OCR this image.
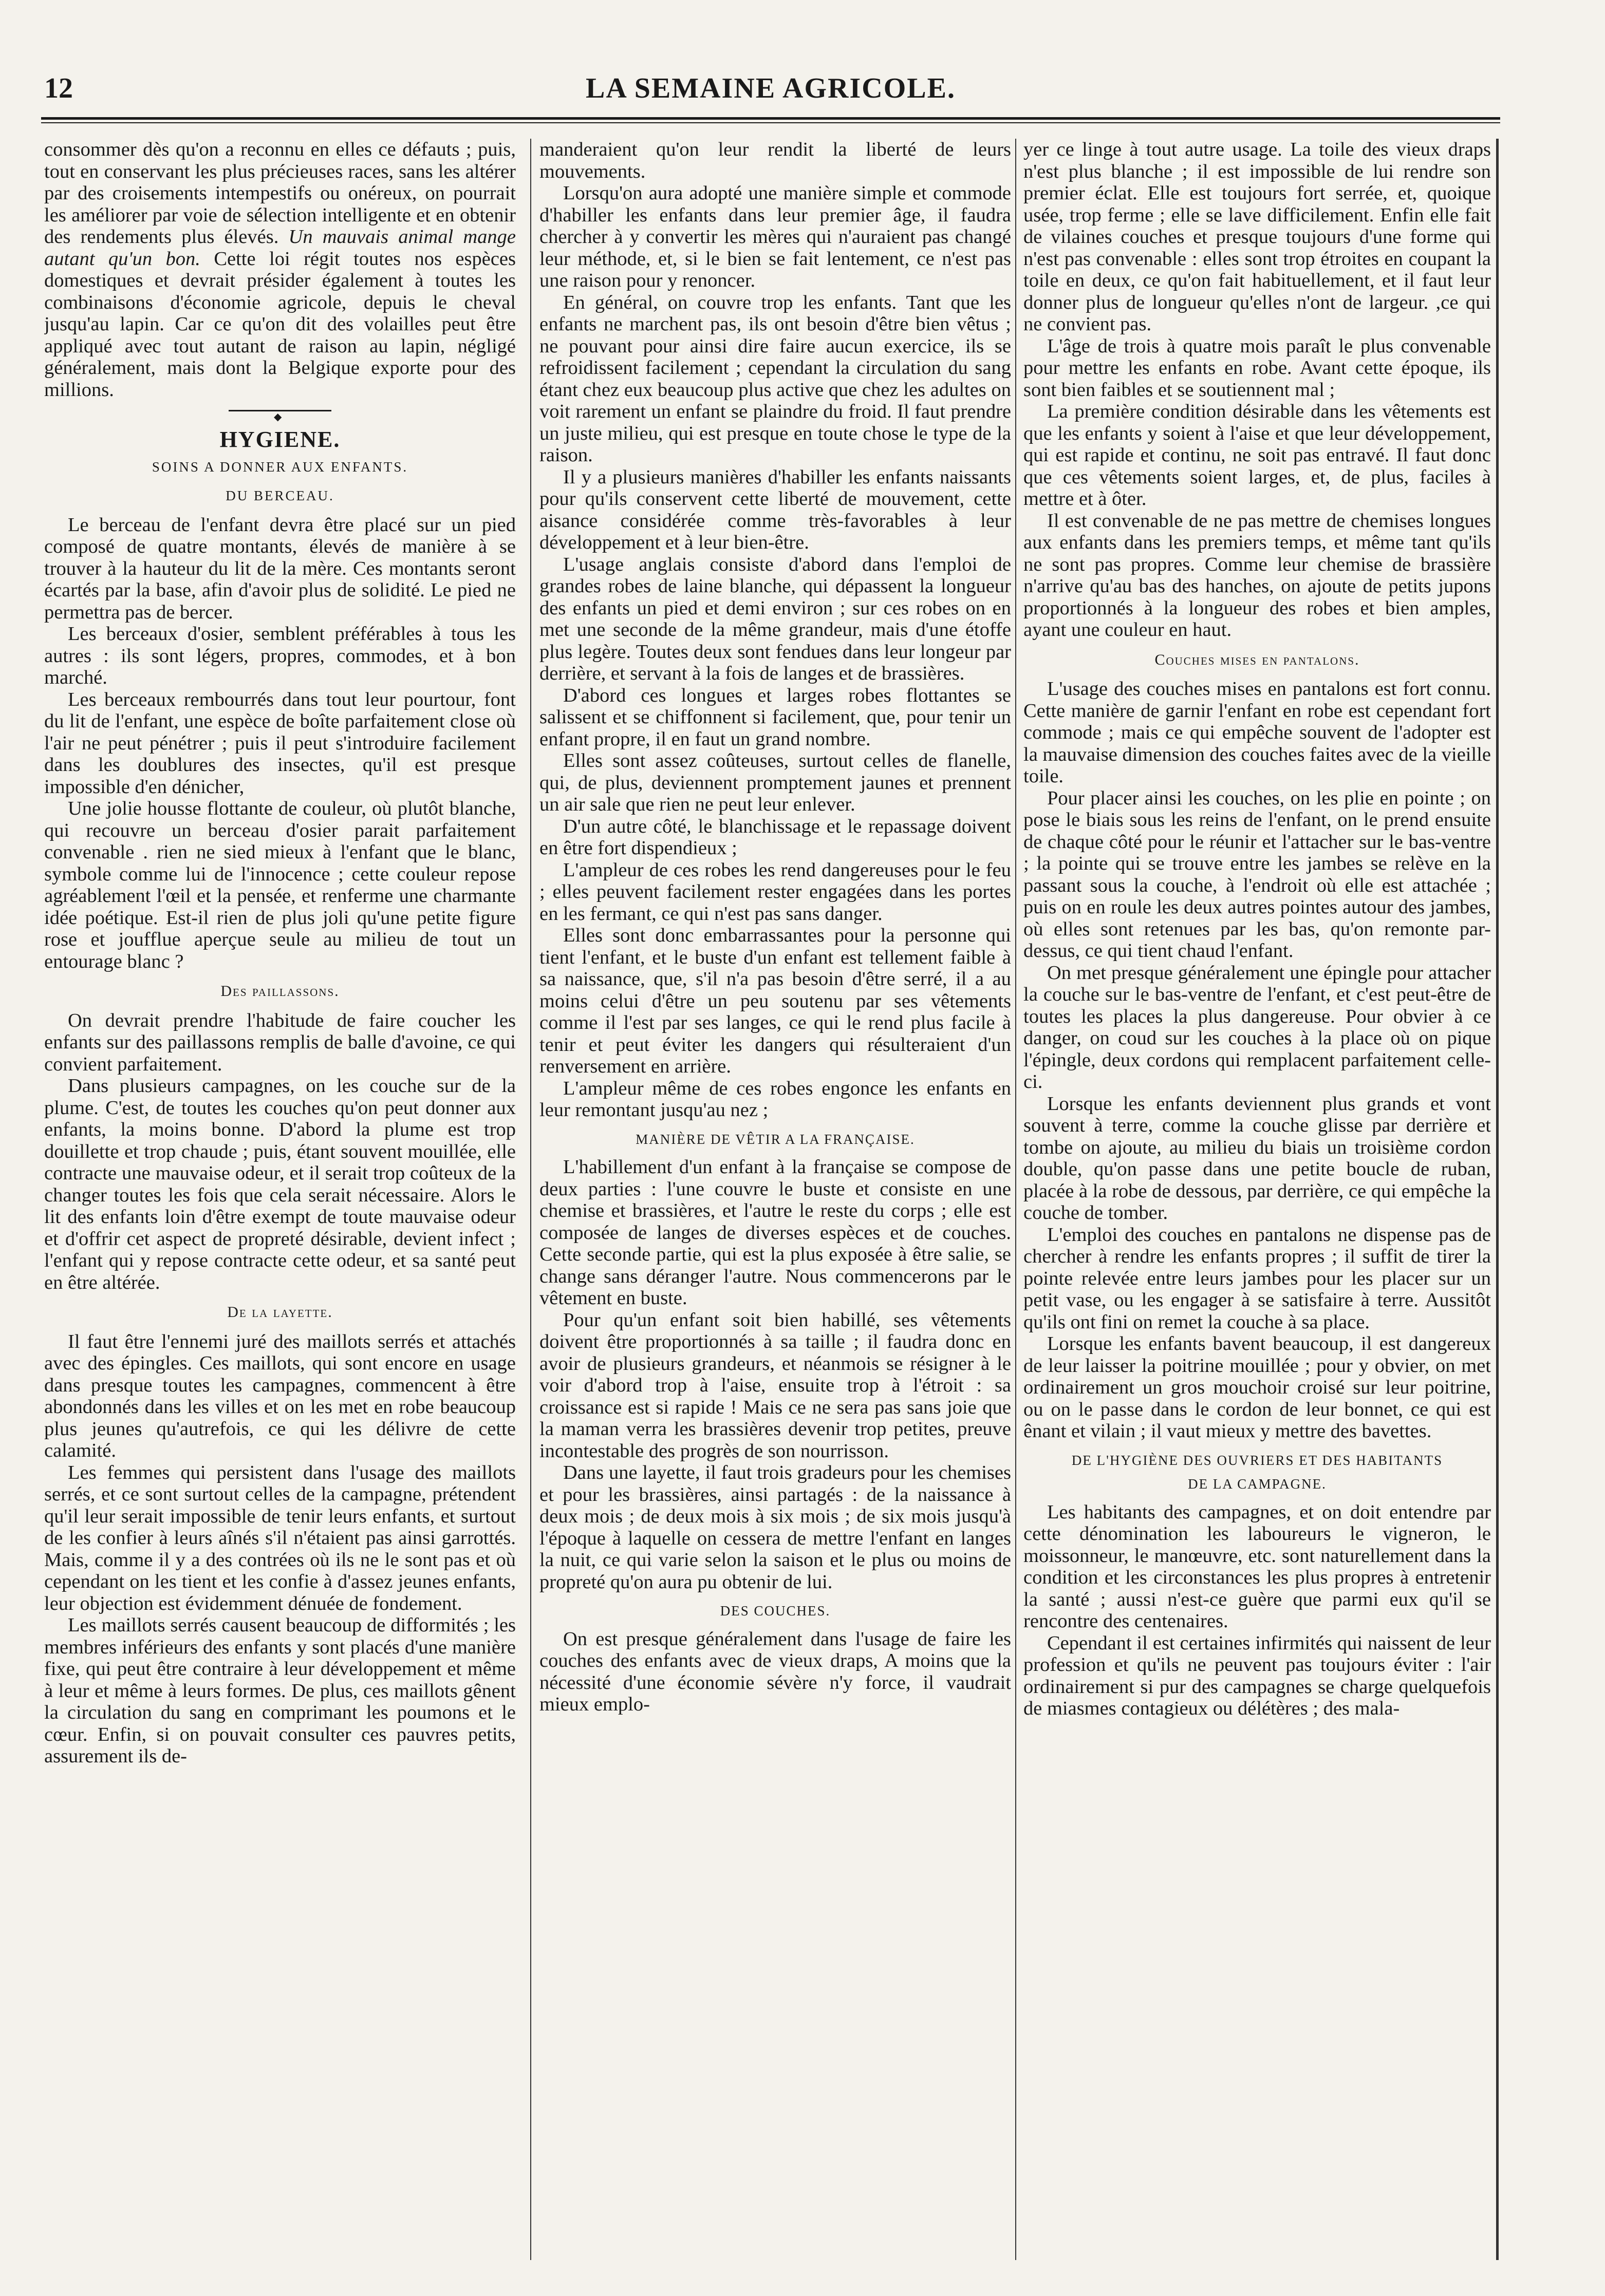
12	LA SEMAINE AGRICOLE.

consommer dès qu'on a reconnu en elles ce défauts ; puis, tout en conservant les plus précieuses races, sans les altérer par des croisements intempestifs ou onéreux, on pourrait les améliorer par voie de sélection intelligente et en obtenir des rendements plus élevés. Un mauvais animal mange autant qu'un bon. Cette loi régit toutes nos espèces domestiques et devrait présider également à toutes les combinaisons d'économie agricole, depuis le cheval jusqu'au lapin. Car ce qu'on dit des volailles peut être appliqué avec tout autant de raison au lapin, négligé généralement, mais dont la Belgique exporte pour des millions.

◆
HYGIENE.
SOINS A DONNER AUX ENFANTS.
DU BERCEAU.

Le berceau de l'enfant devra être placé sur un pied composé de quatre montants, élevés de manière à se trouver à la hauteur du lit de la mère. Ces montants seront écartés par la base, afin d'avoir plus de solidité. Le pied ne permettra pas de bercer.

Les berceaux d'osier, semblent préférables à tous les autres : ils sont légers, propres, commodes, et à bon marché.

Les berceaux rembourrés dans tout leur pourtour, font du lit de l'enfant, une espèce de boîte parfaitement close où l'air ne peut pénétrer ; puis il peut s'introduire facilement dans les doublures des insectes, qu'il est presque impossible d'en dénicher,

Une jolie housse flottante de couleur, où plutôt blanche, qui recouvre un berceau d'osier parait parfaitement convenable . rien ne sied mieux à l'enfant que le blanc, symbole comme lui de l'innocence ; cette couleur repose agréablement l'œil et la pensée, et renferme une charmante idée poétique. Est-il rien de plus joli qu'une petite figure rose et joufflue aperçue seule au milieu de tout un entourage blanc ?

Des paillassons.

On devrait prendre l'habitude de faire coucher les enfants sur des paillassons remplis de balle d'avoine, ce qui convient parfaitement.

Dans plusieurs campagnes, on les couche sur de la plume. C'est, de toutes les couches qu'on peut donner aux enfants, la moins bonne. D'abord la plume est trop douillette et trop chaude ; puis, étant souvent mouillée, elle contracte une mauvaise odeur, et il serait trop coûteux de la changer toutes les fois que cela serait nécessaire. Alors le lit des enfants loin d'être exempt de toute mauvaise odeur et d'offrir cet aspect de propreté désirable, devient infect ; l'enfant qui y repose contracte cette odeur, et sa santé peut en être altérée.

De la layette.

Il faut être l'ennemi juré des maillots serrés et attachés avec des épingles. Ces maillots, qui sont encore en usage dans presque toutes les campagnes, commencent à être abondonnés dans les villes et on les met en robe beaucoup plus jeunes qu'autrefois, ce qui les délivre de cette calamité.

Les femmes qui persistent dans l'usage des maillots serrés, et ce sont surtout celles de la campagne, prétendent qu'il leur serait impossible de tenir leurs enfants, et surtout de les confier à leurs aînés s'il n'étaient pas ainsi garrottés. Mais, comme il y a des contrées où ils ne le sont pas et où cependant on les tient et les confie à d'assez jeunes enfants, leur objection est évidemment dénuée de fondement.

Les maillots serrés causent beaucoup de difformités ; les membres inférieurs des enfants y sont placés d'une manière fixe, qui peut être contraire à leur développement et même à leur et même à leurs formes. De plus, ces maillots gênent la circulation du sang en comprimant les poumons et le cœur. Enfin, si on pouvait consulter ces pauvres petits, assurement ils de-

manderaient qu'on leur rendit la liberté de leurs mouvements.

Lorsqu'on aura adopté une manière simple et commode d'habiller les enfants dans leur premier âge, il faudra chercher à y convertir les mères qui n'auraient pas changé leur méthode, et, si le bien se fait lentement, ce n'est pas une raison pour y renoncer.

En général, on couvre trop les enfants. Tant que les enfants ne marchent pas, ils ont besoin d'être bien vêtus ; ne pouvant pour ainsi dire faire aucun exercice, ils se refroidissent facilement ; cependant la circulation du sang étant chez eux beaucoup plus active que chez les adultes on voit rarement un enfant se plaindre du froid. Il faut prendre un juste milieu, qui est presque en toute chose le type de la raison.

Il y a plusieurs manières d'habiller les enfants naissants pour qu'ils conservent cette liberté de mouvement, cette aisance considérée comme très-favorables à leur développement et à leur bien-être.

L'usage anglais consiste d'abord dans l'emploi de grandes robes de laine blanche, qui dépassent la longueur des enfants un pied et demi environ ; sur ces robes on en met une seconde de la même grandeur, mais d'une étoffe plus legère. Toutes deux sont fendues dans leur longeur par derrière, et servant à la fois de langes et de brassières.

D'abord ces longues et larges robes flottantes se salissent et se chiffonnent si facilement, que, pour tenir un enfant propre, il en faut un grand nombre.

Elles sont assez coûteuses, surtout celles de flanelle, qui, de plus, deviennent promptement jaunes et prennent un air sale que rien ne peut leur enlever.

D'un autre côté, le blanchissage et le repassage doivent en être fort dispendieux ;

L'ampleur de ces robes les rend dangereuses pour le feu ; elles peuvent facilement rester engagées dans les portes en les fermant, ce qui n'est pas sans danger.

Elles sont donc embarrassantes pour la personne qui tient l'enfant, et le buste d'un enfant est tellement faible à sa naissance, que, s'il n'a pas besoin d'être serré, il a au moins celui d'être un peu soutenu par ses vêtements comme il l'est par ses langes, ce qui le rend plus facile à tenir et peut éviter les dangers qui résulteraient d'un renversement en arrière.

L'ampleur même de ces robes engonce les enfants en leur remontant jusqu'au nez ;

MANIÈRE DE VÊTIR A LA FRANÇAISE.

L'habillement d'un enfant à la française se compose de deux parties : l'une couvre le buste et consiste en une chemise et brassières, et l'autre le reste du corps ; elle est composée de langes de diverses espèces et de couches. Cette seconde partie, qui est la plus exposée à être salie, se change sans déranger l'autre. Nous commencerons par le vêtement en buste.

Pour qu'un enfant soit bien habillé, ses vêtements doivent être proportionnés à sa taille ; il faudra donc en avoir de plusieurs grandeurs, et néanmois se résigner à le voir d'abord trop à l'aise, ensuite trop à l'étroit : sa croissance est si rapide ! Mais ce ne sera pas sans joie que la maman verra les brassières devenir trop petites, preuve incontestable des progrès de son nourrisson.

Dans une layette, il faut trois gradeurs pour les chemises et pour les brassières, ainsi partagés : de la naissance à deux mois ; de deux mois à six mois ; de six mois jusqu'à l'époque à laquelle on cessera de mettre l'enfant en langes la nuit, ce qui varie selon la saison et le plus ou moins de propreté qu'on aura pu obtenir de lui.

DES COUCHES.

On est presque généralement dans l'usage de faire les couches des enfants avec de vieux draps, A moins que la nécessité d'une économie sévère n'y force, il vaudrait mieux emplo-

yer ce linge à tout autre usage. La toile des vieux draps n'est plus blanche ; il est impossible de lui rendre son premier éclat. Elle est toujours fort serrée, et, quoique usée, trop ferme ; elle se lave difficilement. Enfin elle fait de vilaines couches et presque toujours d'une forme qui n'est pas convenable : elles sont trop étroites en coupant la toile en deux, ce qu'on fait habituellement, et il faut leur donner plus de longueur qu'elles n'ont de largeur. ,ce qui ne convient pas.

L'âge de trois à quatre mois paraît le plus convenable pour mettre les enfants en robe. Avant cette époque, ils sont bien faibles et se soutiennent mal ;

La première condition désirable dans les vêtements est que les enfants y soient à l'aise et que leur développement, qui est rapide et continu, ne soit pas entravé. Il faut donc que ces vêtements soient larges, et, de plus, faciles à mettre et à ôter.

Il est convenable de ne pas mettre de chemises longues aux enfants dans les premiers temps, et même tant qu'ils ne sont pas propres. Comme leur chemise de brassière n'arrive qu'au bas des hanches, on ajoute de petits jupons proportionnés à la longueur des robes et bien amples, ayant une couleur en haut.

Couches mises en pantalons.

L'usage des couches mises en pantalons est fort connu. Cette manière de garnir l'enfant en robe est cependant fort commode ; mais ce qui empêche souvent de l'adopter est la mauvaise dimension des couches faites avec de la vieille toile.

Pour placer ainsi les couches, on les plie en pointe ; on pose le biais sous les reins de l'enfant, on le prend ensuite de chaque côté pour le réunir et l'attacher sur le bas-ventre ; la pointe qui se trouve entre les jambes se relève en la passant sous la couche, à l'endroit où elle est attachée ; puis on en roule les deux autres pointes autour des jambes, où elles sont retenues par les bas, qu'on remonte par-dessus, ce qui tient chaud l'enfant.

On met presque généralement une épingle pour attacher la couche sur le bas-ventre de l'enfant, et c'est peut-être de toutes les places la plus dangereuse. Pour obvier à ce danger, on coud sur les couches à la place où on pique l'épingle, deux cordons qui remplacent parfaitement celle-ci.

Lorsque les enfants deviennent plus grands et vont souvent à terre, comme la couche glisse par derrière et tombe on ajoute, au milieu du biais un troisième cordon double, qu'on passe dans une petite boucle de ruban, placée à la robe de dessous, par derrière, ce qui empêche la couche de tomber.

L'emploi des couches en pantalons ne dispense pas de chercher à rendre les enfants propres ; il suffit de tirer la pointe relevée entre leurs jambes pour les placer sur un petit vase, ou les engager à se satisfaire à terre. Aussitôt qu'ils ont fini on remet la couche à sa place.

Lorsque les enfants bavent beaucoup, il est dangereux de leur laisser la poitrine mouillée ; pour y obvier, on met ordinairement un gros mouchoir croisé sur leur poitrine, ou on le passe dans le cordon de leur bonnet, ce qui est ênant et vilain ; il vaut mieux y mettre des bavettes.

DE L'HYGIÈNE DES OUVRIERS ET DES HABITANTS
DE LA CAMPAGNE.

Les habitants des campagnes, et on doit entendre par cette dénomination les laboureurs le vigneron, le moissonneur, le manœuvre, etc. sont naturellement dans la condition et les circonstances les plus propres à entretenir la santé ; aussi n'est-ce guère que parmi eux qu'il se rencontre des centenaires.

Cependant il est certaines infirmités qui naissent de leur profession et qu'ils ne peuvent pas toujours éviter : l'air ordinairement si pur des campagnes se charge quelquefois de miasmes contagieux ou délétères ; des mala-
